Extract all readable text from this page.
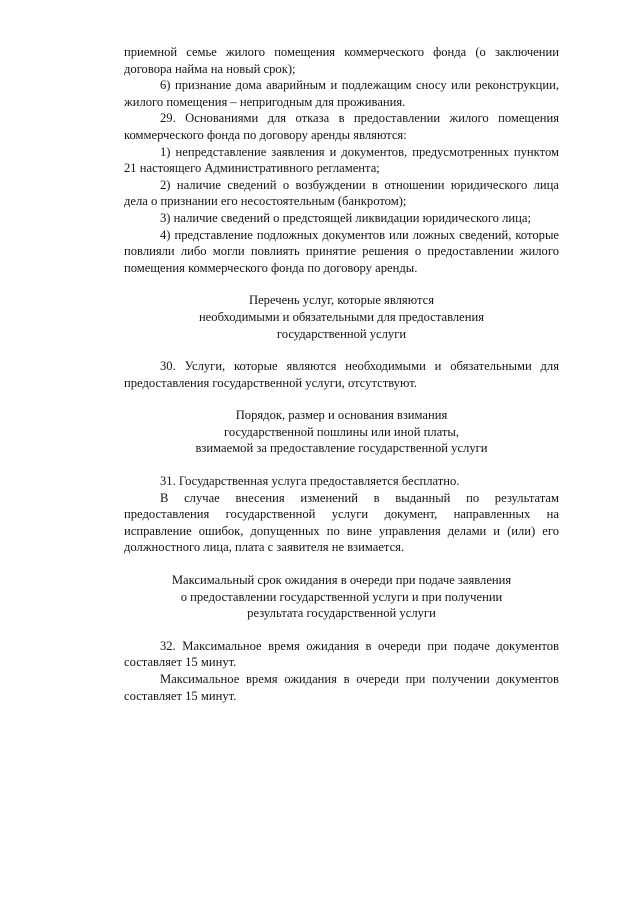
приемной семье жилого помещения коммерческого фонда (о заключении договора найма на новый срок);

6) признание дома аварийным и подлежащим сносу или реконструкции, жилого помещения – непригодным для проживания.

29. Основаниями для отказа в предоставлении жилого помещения коммерческого фонда по договору аренды являются:

1) непредставление заявления и документов, предусмотренных пунктом 21 настоящего Административного регламента;

2) наличие сведений о возбуждении в отношении юридического лица дела о признании его несостоятельным (банкротом);

3) наличие сведений о предстоящей ликвидации юридического лица;

4) представление подложных документов или ложных сведений, которые повлияли либо могли повлиять принятие решения о предоставлении жилого помещения коммерческого фонда по договору аренды.

Перечень услуг, которые являются

необходимыми и обязательными для предоставления

государственной услуги

30. Услуги, которые являются необходимыми и обязательными для предоставления государственной услуги, отсутствуют.

Порядок, размер и основания взимания

государственной пошлины или иной платы,

взимаемой за предоставление государственной услуги

31. Государственная услуга предоставляется бесплатно.

В случае внесения изменений в выданный по результатам предоставления государственной услуги документ, направленных на исправление ошибок, допущенных по вине управления делами и (или) его должностного лица, плата с заявителя не взимается.

Максимальный срок ожидания в очереди при подаче заявления

о предоставлении государственной услуги и при получении

результата государственной услуги

32. Максимальное время ожидания в очереди при подаче документов составляет 15 минут.

Максимальное время ожидания в очереди при получении документов составляет 15 минут.
